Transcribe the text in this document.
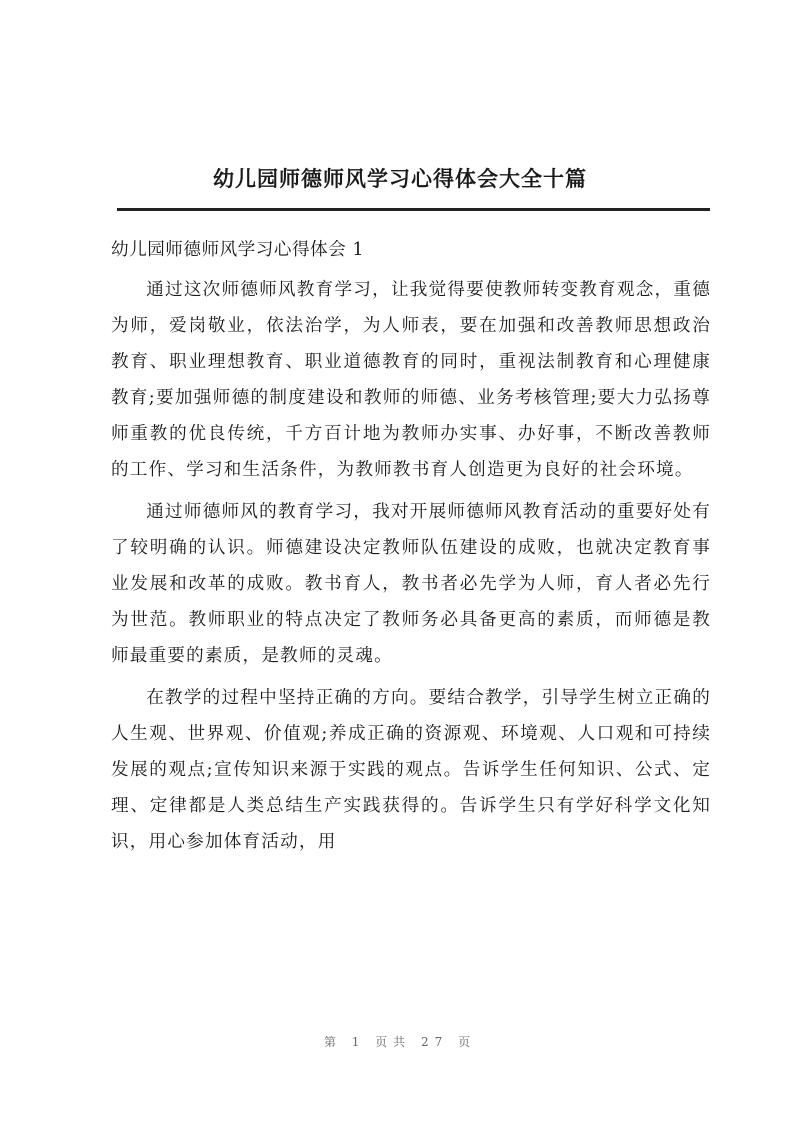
幼儿园师德师风学习心得体会大全十篇

幼儿园师德师风学习心得体会 1

通过这次师德师风教育学习，让我觉得要使教师转变教育观念，重德为师，爱岗敬业，依法治学，为人师表，要在加强和改善教师思想政治教育、职业理想教育、职业道德教育的同时，重视法制教育和心理健康教育;要加强师德的制度建设和教师的师德、业务考核管理;要大力弘扬尊师重教的优良传统，千方百计地为教师办实事、办好事，不断改善教师的工作、学习和生活条件，为教师教书育人创造更为良好的社会环境。

通过师德师风的教育学习，我对开展师德师风教育活动的重要好处有了较明确的认识。师德建设决定教师队伍建设的成败，也就决定教育事业发展和改革的成败。教书育人，教书者必先学为人师，育人者必先行为世范。教师职业的特点决定了教师务必具备更高的素质，而师德是教师最重要的素质，是教师的灵魂。

在教学的过程中坚持正确的方向。要结合教学，引导学生树立正确的人生观、世界观、价值观;养成正确的资源观、环境观、人口观和可持续发展的观点;宣传知识来源于实践的观点。告诉学生任何知识、公式、定理、定律都是人类总结生产实践获得的。告诉学生只有学好科学文化知识，用心参加体育活动，用

第 1 页共 27 页
